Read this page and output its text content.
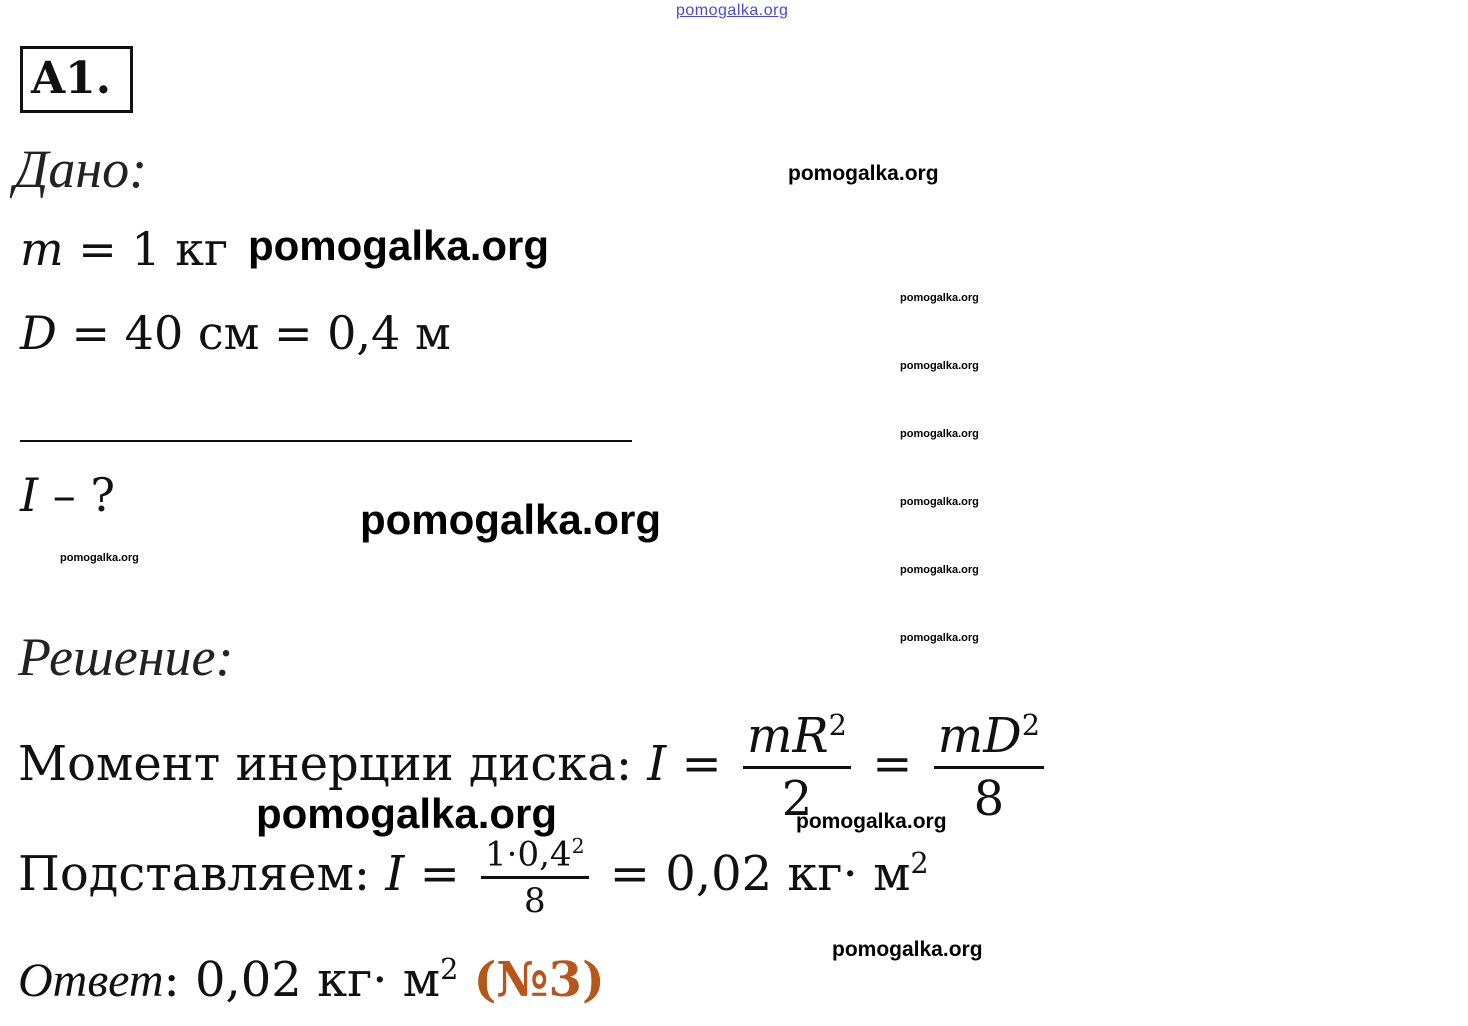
pomogalka.org
A1.
Дано:
m = 1 кг
D = 40 см = 0,4 м
I – ?
Решение:
Момент инерции диска: $I = \frac{mR^2}{2} = \frac{mD^2}{8}$
Подставляем: $I = \frac{1\cdot 0,4^2}{8} = 0,02$ $кг\cdot м^2$
Ответ: 0,02 $кг\cdot м^2$ (№3)
pomogalka.org
pomogalka.org
pomogalka.org
pomogalka.org
pomogalka.org
pomogalka.org
pomogalka.org
pomogalka.org
pomogalka.org
pomogalka.org
pomogalka.org
pomogalka.org
pomogalka.org
